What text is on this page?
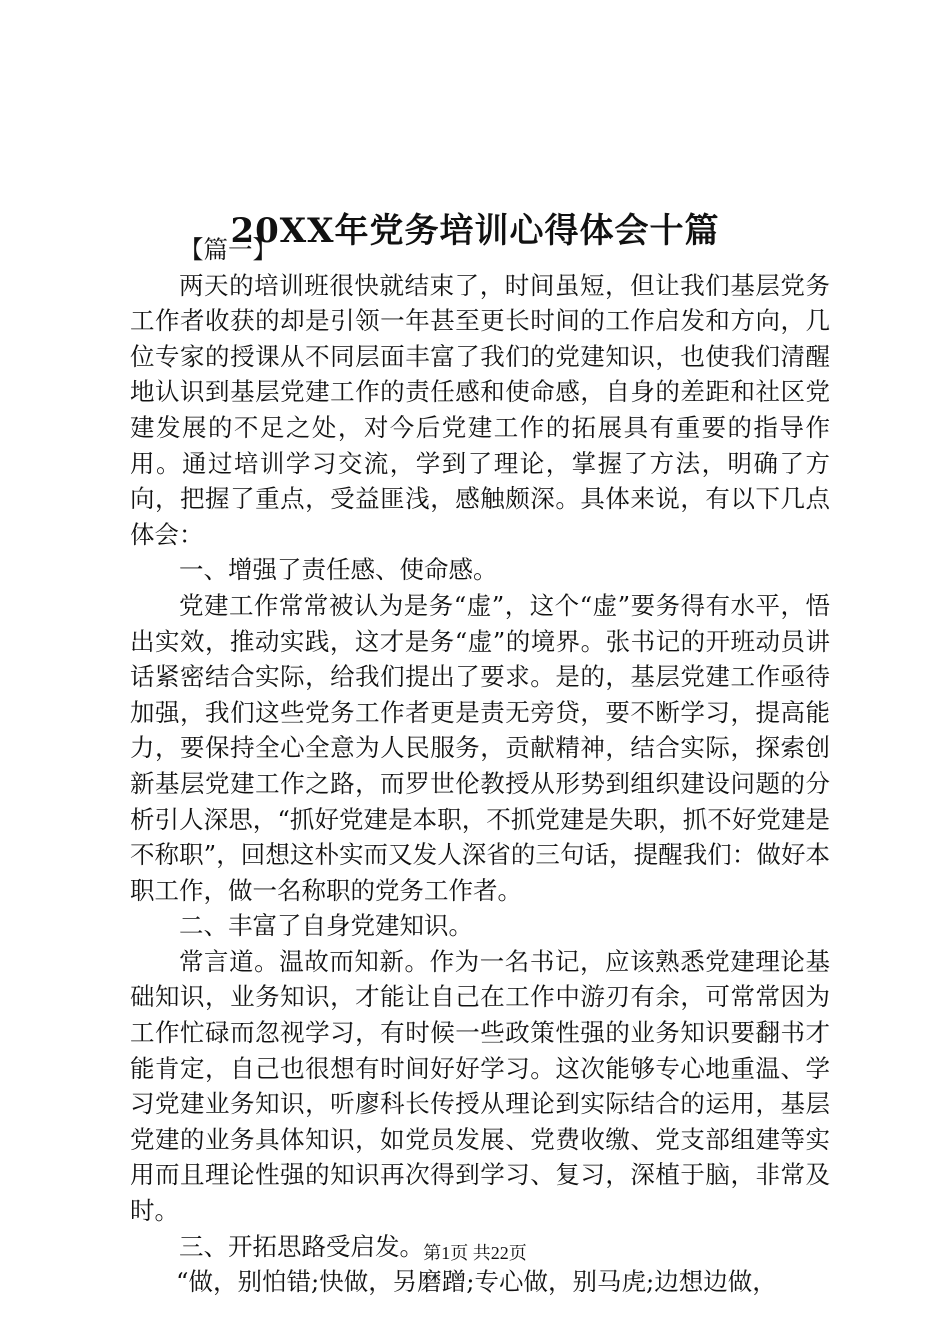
20XX年党务培训心得体会十篇

【篇一】

两天的培训班很快就结束了，时间虽短，但让我们基层党务工作者收获的却是引领一年甚至更长时间的工作启发和方向，几位专家的授课从不同层面丰富了我们的党建知识，也使我们清醒地认识到基层党建工作的责任感和使命感，自身的差距和社区党建发展的不足之处，对今后党建工作的拓展具有重要的指导作用。通过培训学习交流，学到了理论，掌握了方法，明确了方向，把握了重点，受益匪浅，感触颇深。具体来说，有以下几点体会：

一、增强了责任感、使命感。

党建工作常常被认为是务“虚”，这个“虚”要务得有水平，悟出实效，推动实践，这才是务“虚”的境界。张书记的开班动员讲话紧密结合实际，给我们提出了要求。是的，基层党建工作亟待加强，我们这些党务工作者更是责无旁贷，要不断学习，提高能力，要保持全心全意为人民服务，贡献精神，结合实际，探索创新基层党建工作之路，而罗世伦教授从形势到组织建设问题的分析引人深思，“抓好党建是本职，不抓党建是失职，抓不好党建是不称职”，回想这朴实而又发人深省的三句话，提醒我们：做好本职工作，做一名称职的党务工作者。

二、丰富了自身党建知识。

常言道。温故而知新。作为一名书记，应该熟悉党建理论基础知识，业务知识，才能让自己在工作中游刃有余，可常常因为工作忙碌而忽视学习，有时候一些政策性强的业务知识要翻书才能肯定，自己也很想有时间好好学习。这次能够专心地重温、学习党建业务知识，听廖科长传授从理论到实际结合的运用，基层党建的业务具体知识，如党员发展、党费收缴、党支部组建等实用而且理论性强的知识再次得到学习、复习，深植于脑，非常及时。

三、开拓思路受启发。

“做，别怕错;快做，另磨蹭;专心做，别马虎;边想边做，

第1页 共22页
